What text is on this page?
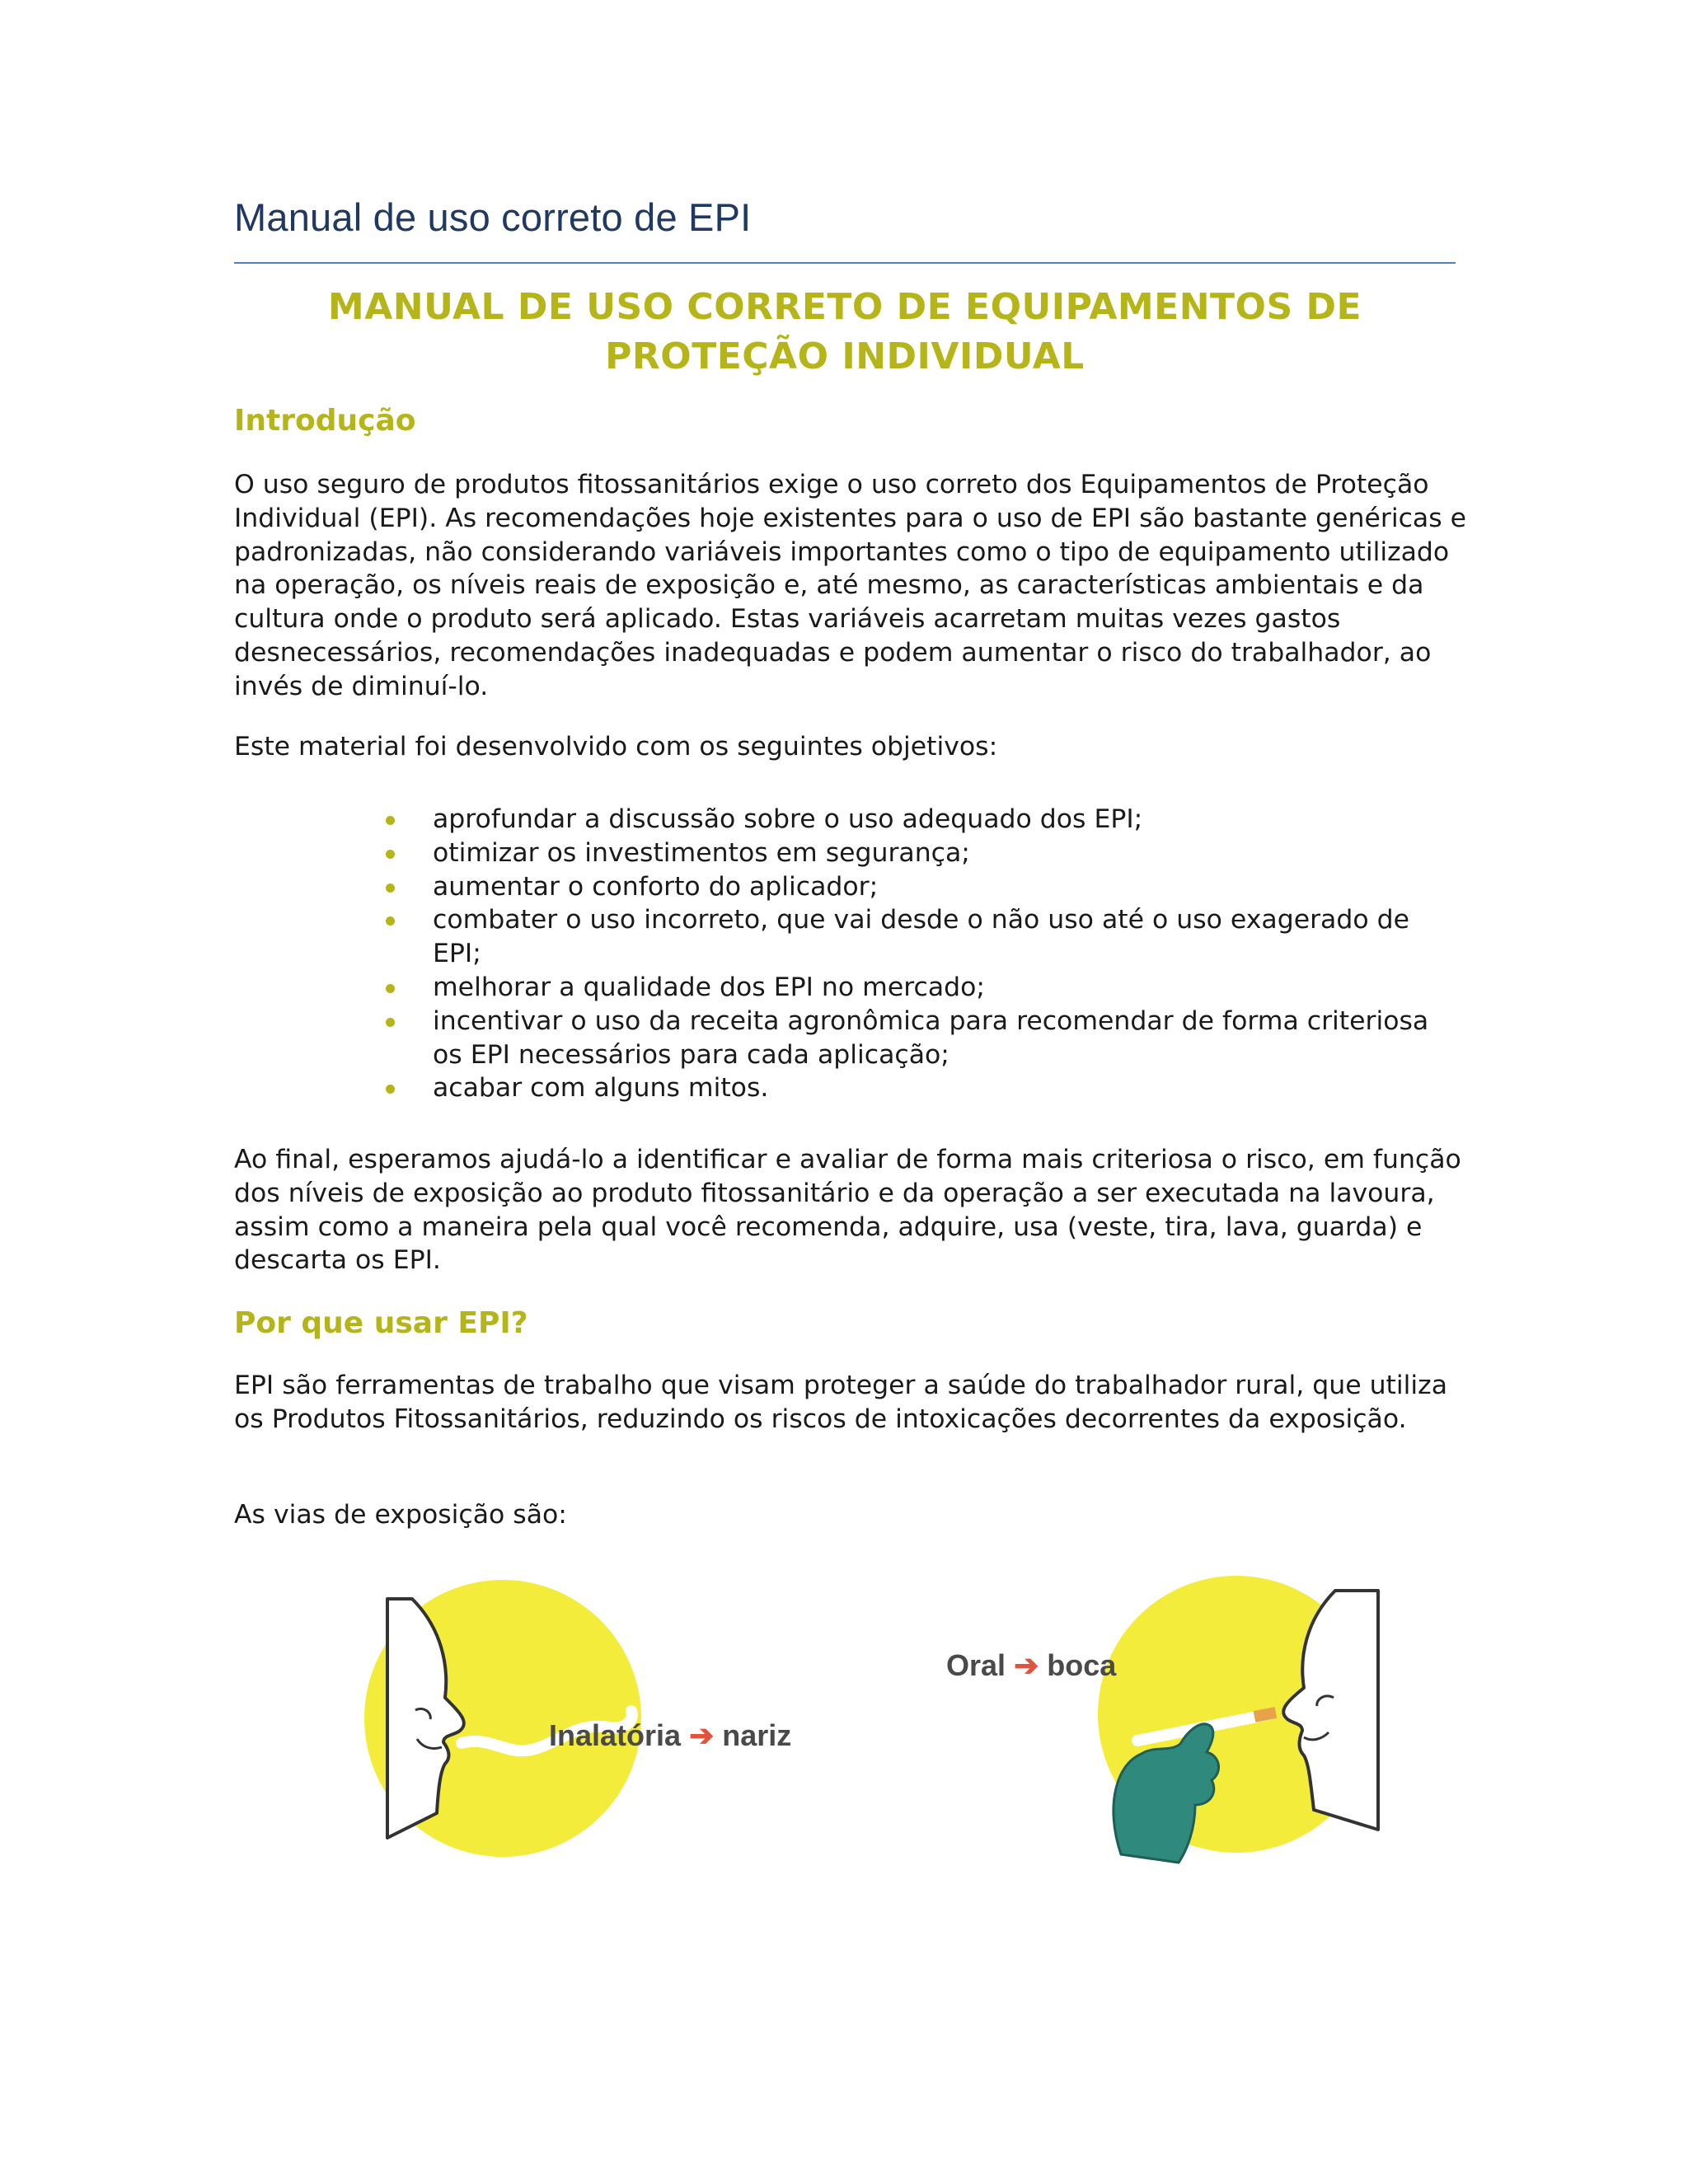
Manual de uso correto de EPI
MANUAL DE USO CORRETO DE EQUIPAMENTOS DE PROTEÇÃO INDIVIDUAL
Introdução

O uso seguro de produtos fitossanitários exige o uso correto dos Equipamentos de Proteção Individual (EPI). As recomendações hoje existentes para o uso de EPI são bastante genéricas e padronizadas, não considerando variáveis importantes como o tipo de equipamento utilizado na operação, os níveis reais de exposição e, até mesmo, as características ambientais e da cultura onde o produto será aplicado. Estas variáveis acarretam muitas vezes gastos desnecessários, recomendações inadequadas e podem aumentar o risco do trabalhador, ao invés de diminuí-lo.

Este material foi desenvolvido com os seguintes objetivos:

aprofundar a discussão sobre o uso adequado dos EPI;
otimizar os investimentos em segurança;
aumentar o conforto do aplicador;
combater o uso incorreto, que vai desde o não uso até o uso exagerado de EPI;
melhorar a qualidade dos EPI no mercado;
incentivar o uso da receita agronômica para recomendar de forma criteriosa os EPI necessários para cada aplicação;
acabar com alguns mitos.

Ao final, esperamos ajudá-lo a identificar e avaliar de forma mais criteriosa o risco, em função dos níveis de exposição ao produto fitossanitário e da operação a ser executada na lavoura, assim como a maneira pela qual você recomenda, adquire, usa (veste, tira, lava, guarda) e descarta os EPI.

Por que usar EPI?

EPI são ferramentas de trabalho que visam proteger a saúde do trabalhador rural, que utiliza os Produtos Fitossanitários, reduzindo os riscos de intoxicações decorrentes da exposição.

As vias de exposição são:

Inalatória ➔ nariz
Oral ➔ boca
